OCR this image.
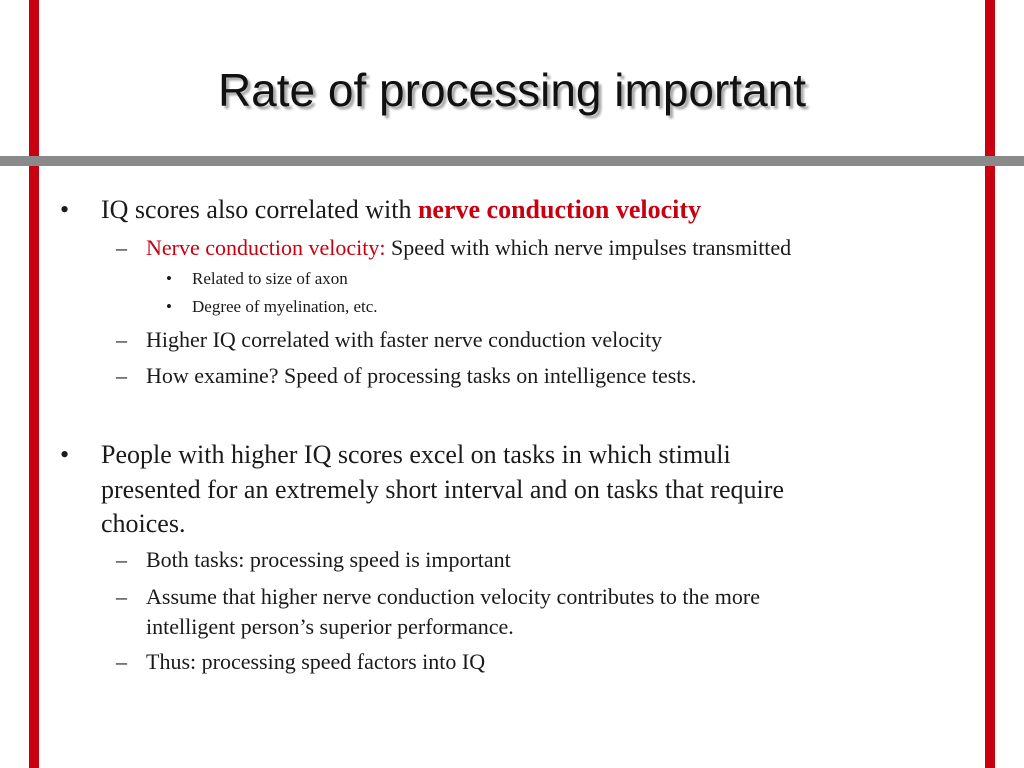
Rate of processing important
• IQ scores also correlated with nerve conduction velocity
– Nerve conduction velocity: Speed with which nerve impulses transmitted
• Related to size of axon
• Degree of myelination, etc.
– Higher IQ correlated with faster nerve conduction velocity
– How examine? Speed of processing tasks on intelligence tests.
• People with higher IQ scores excel on tasks in which stimuli
presented for an extremely short interval and on tasks that require
choices.
– Both tasks: processing speed is important
– Assume that higher nerve conduction velocity contributes to the more
intelligent person’s superior performance.
– Thus: processing speed factors into IQ
